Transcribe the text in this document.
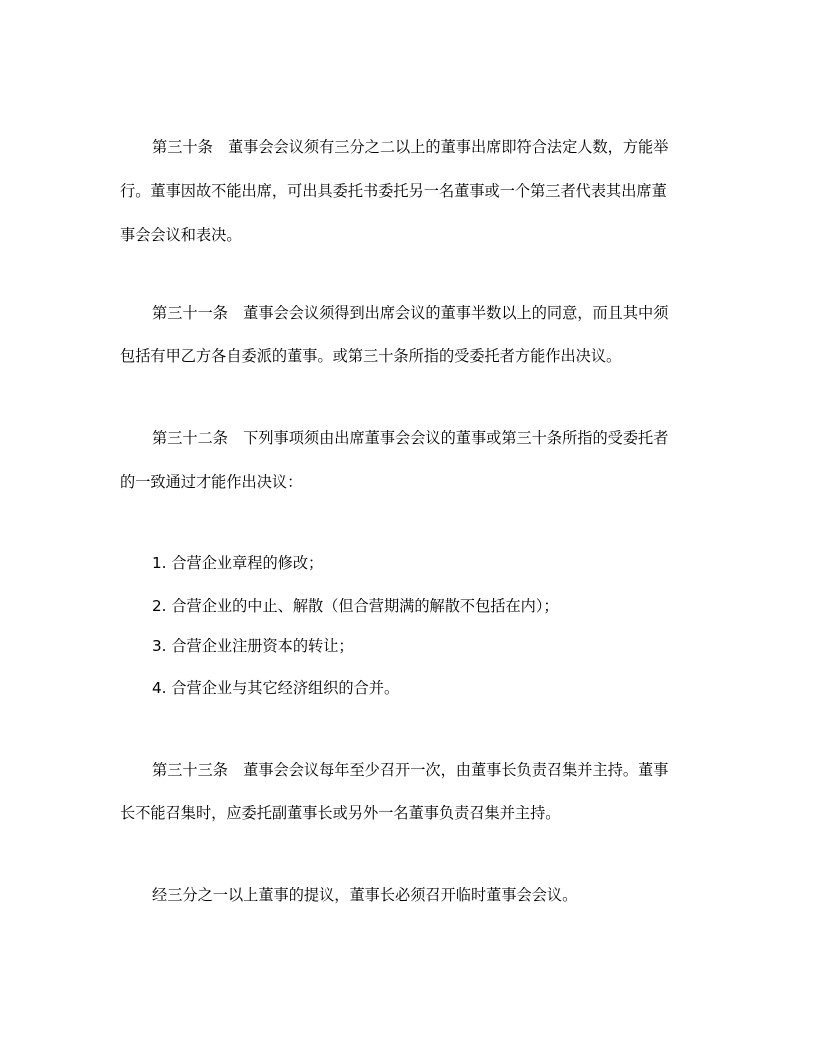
第三十条　董事会会议须有三分之二以上的董事出席即符合法定人数，方能举
行。董事因故不能出席，可出具委托书委托另一名董事或一个第三者代表其出席董
事会会议和表决。
第三十一条　董事会会议须得到出席会议的董事半数以上的同意，而且其中须
包括有甲乙方各自委派的董事。或第三十条所指的受委托者方能作出决议。
第三十二条　下列事项须由出席董事会会议的董事或第三十条所指的受委托者
的一致通过才能作出决议：
1. 合营企业章程的修改；
2. 合营企业的中止、解散（但合营期满的解散不包括在内）；
3. 合营企业注册资本的转让；
4. 合营企业与其它经济组织的合并。
第三十三条　董事会会议每年至少召开一次，由董事长负责召集并主持。董事
长不能召集时，应委托副董事长或另外一名董事负责召集并主持。
经三分之一以上董事的提议，董事长必须召开临时董事会会议。
